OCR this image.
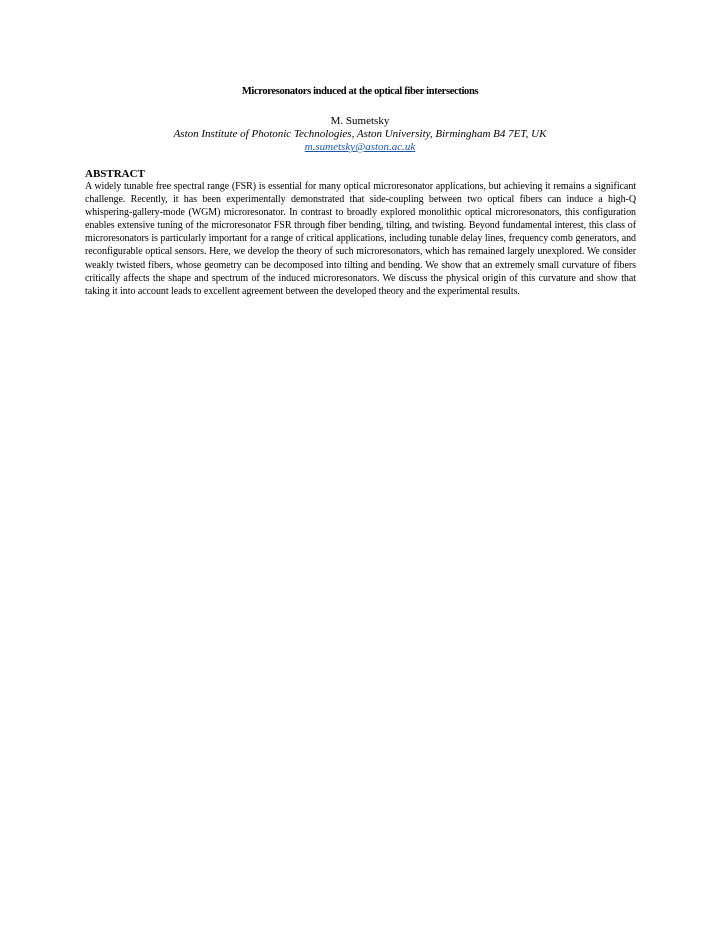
Microresonators induced at the optical fiber intersections
M. Sumetsky
Aston Institute of Photonic Technologies, Aston University, Birmingham B4 7ET, UK
m.sumetsky@aston.ac.uk
ABSTRACT
A widely tunable free spectral range (FSR) is essential for many optical microresonator applications, but achieving it remains a significant challenge. Recently, it has been experimentally demonstrated that side-coupling between two optical fibers can induce a high-Q whispering-gallery-mode (WGM) microresonator. In contrast to broadly explored monolithic optical microresonators, this configuration enables extensive tuning of the microresonator FSR through fiber bending, tilting, and twisting. Beyond fundamental interest, this class of microresonators is particularly important for a range of critical applications, including tunable delay lines, frequency comb generators, and reconfigurable optical sensors. Here, we develop the theory of such microresonators, which has remained largely unexplored. We consider weakly twisted fibers, whose geometry can be decomposed into tilting and bending. We show that an extremely small curvature of fibers critically affects the shape and spectrum of the induced microresonators. We discuss the physical origin of this curvature and show that taking it into account leads to excellent agreement between the developed theory and the experimental results.
